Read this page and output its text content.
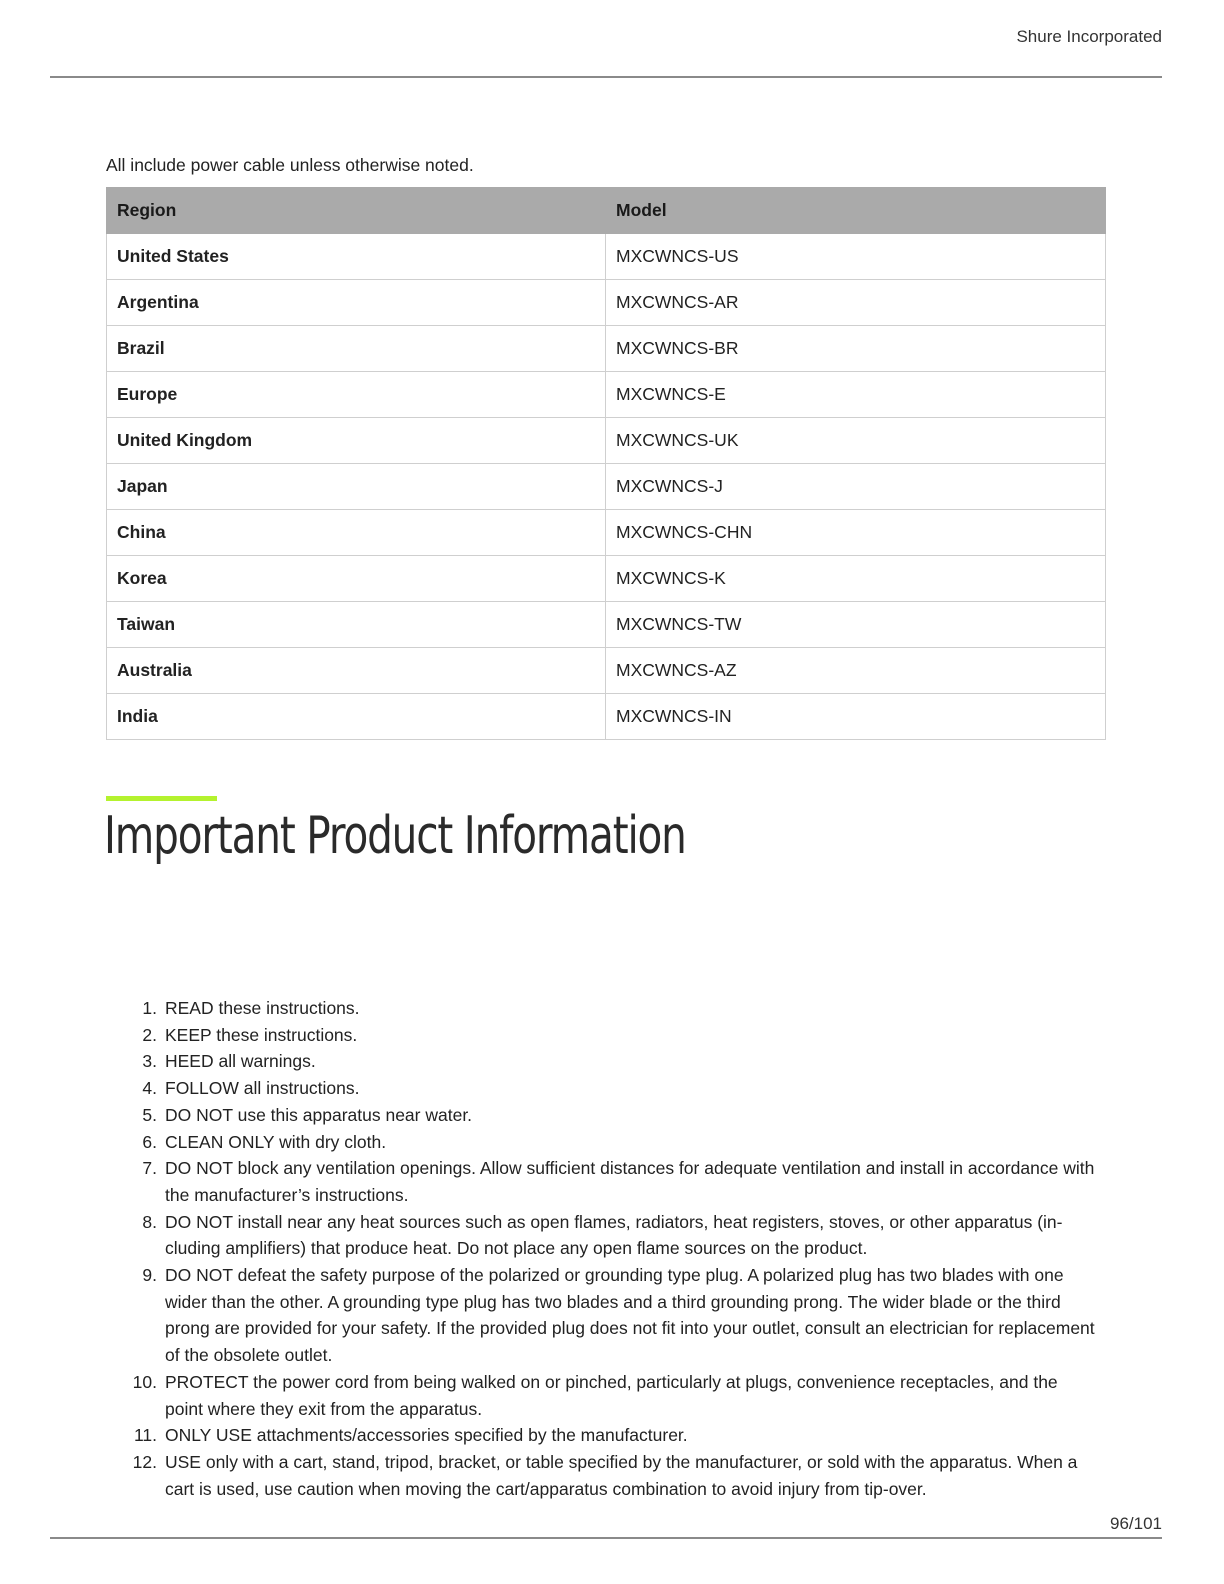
Shure Incorporated
All include power cable unless otherwise noted.
Region	Model
United States	MXCWNCS-US
Argentina	MXCWNCS-AR
Brazil	MXCWNCS-BR
Europe	MXCWNCS-E
United Kingdom	MXCWNCS-UK
Japan	MXCWNCS-J
China	MXCWNCS-CHN
Korea	MXCWNCS-K
Taiwan	MXCWNCS-TW
Australia	MXCWNCS-AZ
India	MXCWNCS-IN
Important Product Information
1. READ these instructions.
2. KEEP these instructions.
3. HEED all warnings.
4. FOLLOW all instructions.
5. DO NOT use this apparatus near water.
6. CLEAN ONLY with dry cloth.
7. DO NOT block any ventilation openings. Allow sufficient distances for adequate ventilation and install in accordance with the manufacturer’s instructions.
8. DO NOT install near any heat sources such as open flames, radiators, heat registers, stoves, or other apparatus (including amplifiers) that produce heat. Do not place any open flame sources on the product.
9. DO NOT defeat the safety purpose of the polarized or grounding type plug. A polarized plug has two blades with one wider than the other. A grounding type plug has two blades and a third grounding prong. The wider blade or the third prong are provided for your safety. If the provided plug does not fit into your outlet, consult an electrician for replacement of the obsolete outlet.
10. PROTECT the power cord from being walked on or pinched, particularly at plugs, convenience receptacles, and the point where they exit from the apparatus.
11. ONLY USE attachments/accessories specified by the manufacturer.
12. USE only with a cart, stand, tripod, bracket, or table specified by the manufacturer, or sold with the apparatus. When a cart is used, use caution when moving the cart/apparatus combination to avoid injury from tip-over.
96/101
